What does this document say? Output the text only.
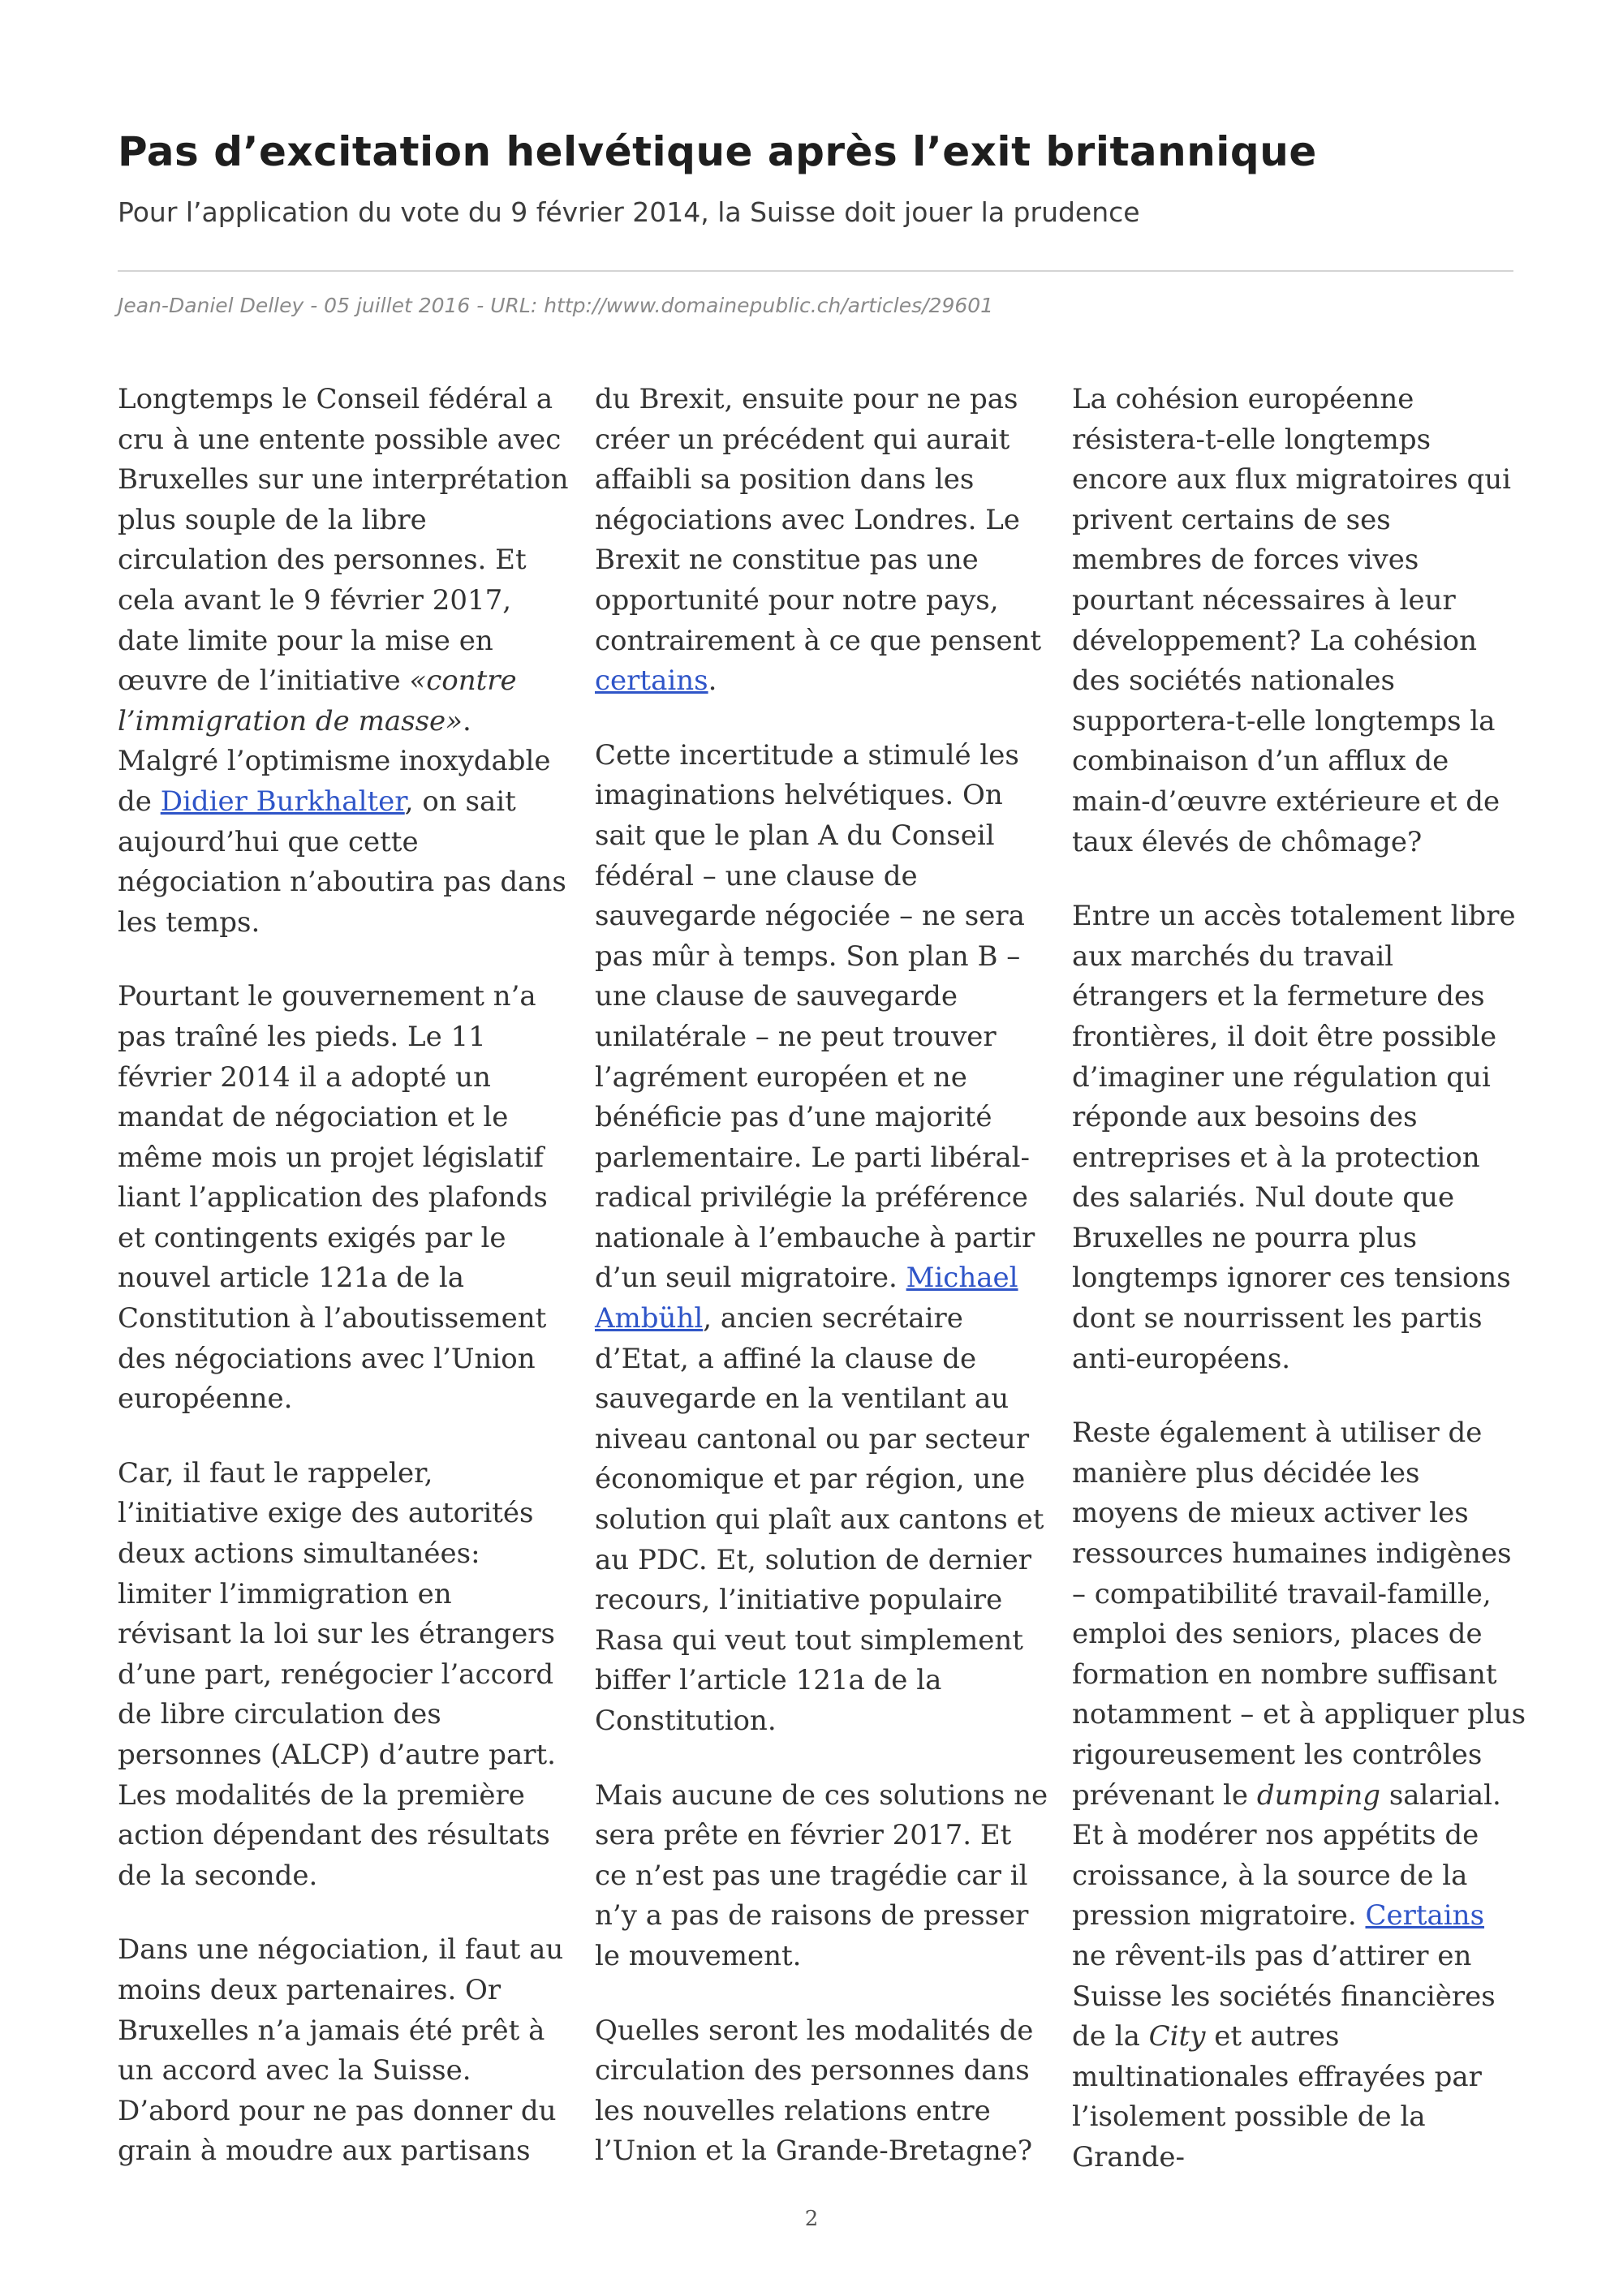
Pas d’excitation helvétique après l’exit britannique

Pour l’application du vote du 9 février 2014, la Suisse doit jouer la prudence

Jean-Daniel Delley - 05 juillet 2016 - URL: http://www.domainepublic.ch/articles/29601

Longtemps le Conseil fédéral a cru à une entente possible avec Bruxelles sur une interprétation plus souple de la libre circulation des personnes. Et cela avant le 9 février 2017, date limite pour la mise en œuvre de l’initiative «contre l’immigration de masse». Malgré l’optimisme inoxydable de Didier Burkhalter, on sait aujourd’hui que cette négociation n’aboutira pas dans les temps.

Pourtant le gouvernement n’a pas traîné les pieds. Le 11 février 2014 il a adopté un mandat de négociation et le même mois un projet législatif liant l’application des plafonds et contingents exigés par le nouvel article 121a de la Constitution à l’aboutissement des négociations avec l’Union européenne.

Car, il faut le rappeler, l’initiative exige des autorités deux actions simultanées: limiter l’immigration en révisant la loi sur les étrangers d’une part, renégocier l’accord de libre circulation des personnes (ALCP) d’autre part. Les modalités de la première action dépendant des résultats de la seconde.

Dans une négociation, il faut au moins deux partenaires. Or Bruxelles n’a jamais été prêt à un accord avec la Suisse. D’abord pour ne pas donner du grain à moudre aux partisans

du Brexit, ensuite pour ne pas créer un précédent qui aurait affaibli sa position dans les négociations avec Londres. Le Brexit ne constitue pas une opportunité pour notre pays, contrairement à ce que pensent certains.

Cette incertitude a stimulé les imaginations helvétiques. On sait que le plan A du Conseil fédéral – une clause de sauvegarde négociée – ne sera pas mûr à temps. Son plan B – une clause de sauvegarde unilatérale – ne peut trouver l’agrément européen et ne bénéficie pas d’une majorité parlementaire. Le parti libéral-radical privilégie la préférence nationale à l’embauche à partir d’un seuil migratoire. Michael Ambühl, ancien secrétaire d’Etat, a affiné la clause de sauvegarde en la ventilant au niveau cantonal ou par secteur économique et par région, une solution qui plaît aux cantons et au PDC. Et, solution de dernier recours, l’initiative populaire Rasa qui veut tout simplement biffer l’article 121a de la Constitution.

Mais aucune de ces solutions ne sera prête en février 2017. Et ce n’est pas une tragédie car il n’y a pas de raisons de presser le mouvement.

Quelles seront les modalités de circulation des personnes dans les nouvelles relations entre l’Union et la Grande-Bretagne?

La cohésion européenne résistera-t-elle longtemps encore aux flux migratoires qui privent certains de ses membres de forces vives pourtant nécessaires à leur développement? La cohésion des sociétés nationales supportera-t-elle longtemps la combinaison d’un afflux de main-d’œuvre extérieure et de taux élevés de chômage?

Entre un accès totalement libre aux marchés du travail étrangers et la fermeture des frontières, il doit être possible d’imaginer une régulation qui réponde aux besoins des entreprises et à la protection des salariés. Nul doute que Bruxelles ne pourra plus longtemps ignorer ces tensions dont se nourrissent les partis anti-européens.

Reste également à utiliser de manière plus décidée les moyens de mieux activer les ressources humaines indigènes – compatibilité travail-famille, emploi des seniors, places de formation en nombre suffisant notamment – et à appliquer plus rigoureusement les contrôles prévenant le dumping salarial. Et à modérer nos appétits de croissance, à la source de la pression migratoire. Certains ne rêvent-ils pas d’attirer en Suisse les sociétés financières de la City et autres multinationales effrayées par l’isolement possible de la Grande-

2
